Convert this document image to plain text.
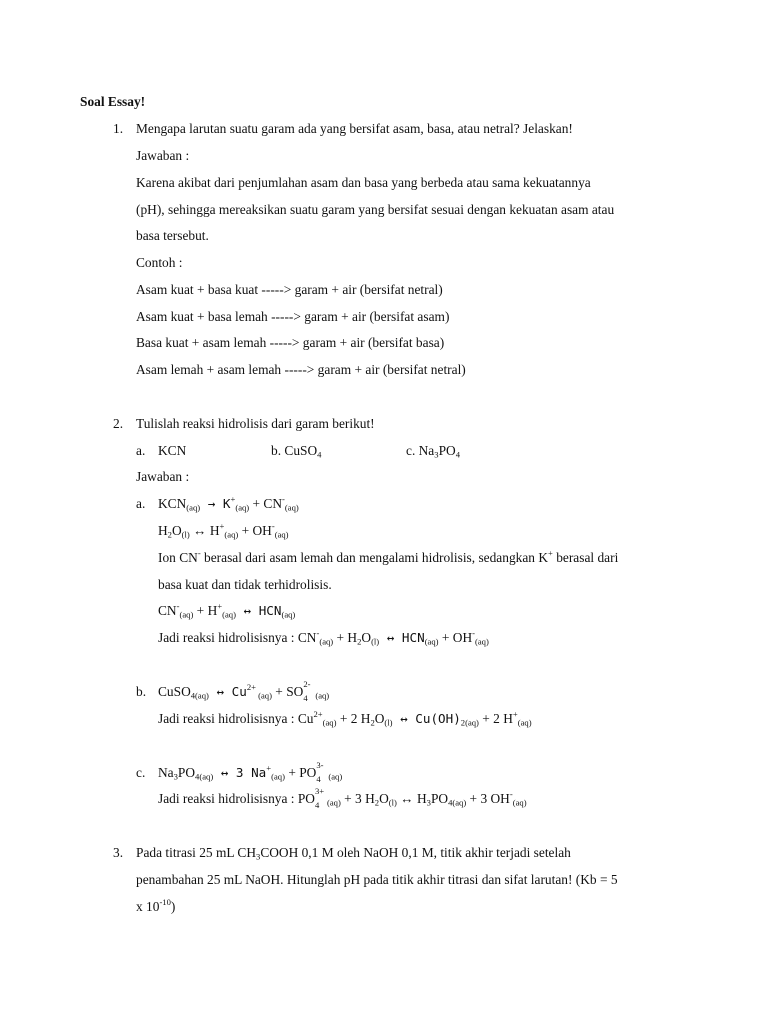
Soal Essay!
1. Mengapa larutan suatu garam ada yang bersifat asam, basa, atau netral? Jelaskan!
Jawaban :
Karena akibat dari penjumlahan asam dan basa yang berbeda atau sama kekuatannya
(pH), sehingga mereaksikan suatu garam yang bersifat sesuai dengan kekuatan asam atau
basa tersebut.
Contoh :
Asam kuat + basa kuat -----> garam + air (bersifat netral)
Asam kuat + basa lemah -----> garam + air (bersifat asam)
Basa kuat + asam lemah -----> garam + air (bersifat basa)
Asam lemah + asam lemah -----> garam + air (bersifat netral)
2. Tulislah reaksi hidrolisis dari garam berikut!
a. KCN	b. CuSO$_4$	c. $Na_3PO_4$
Jawaban :
a. $KCN_{(aq)} \to K^+_{(aq)} + CN^-_{(aq)}$
$H_2O_{(l)}$ ↔ $H^+_{(aq)} + OH^-_{(aq)}$
Ion CN- berasal dari asam lemah dan mengalami hidrolisis, sedangkan K+ berasal dari
basa kuat dan tidak terhidrolisis.
$CN^-_{(aq)} + H^+_{(aq)}$ ↔ $HCN_{(aq)}$
Jadi reaksi hidrolisisnya : $CN^-_{(aq)} + H_2O_{(l)}$ ↔ $HCN_{(aq)} + OH^-_{(aq)}$
b. CuSO$_{4(aq)}$ ↔ $Cu^{2+}$ $_{(aq)}$ + SO 2-
4 $_{(aq)}$
Jadi reaksi hidrolisisnya : $Cu^{2+}_{(aq)} + 2$ $H_2O_{(l)}$ ↔ $Cu(OH)_{2(aq)} + 2$ $H^+_{(aq)}$
c. $Na_3PO_{4(aq)}$ ↔ 3 $Na^+_{(aq)}$ + PO 3-
4 $_{(aq)}$
Jadi reaksi hidrolisisnya : PO 3+
4 $_{(aq)}$ + 3 $H_2O_{(l)}$ ↔ $H_3PO_{4(aq)} + 3$ $OH^-_{(aq)}$
3. Pada titrasi 25 mL $CH_3COOH$ 0,1 M oleh NaOH 0,1 M, titik akhir terjadi setelah
penambahan 25 mL NaOH. Hitunglah pH pada titik akhir titrasi dan sifat larutan! (Kb = 5
x $10^{-10}$)
